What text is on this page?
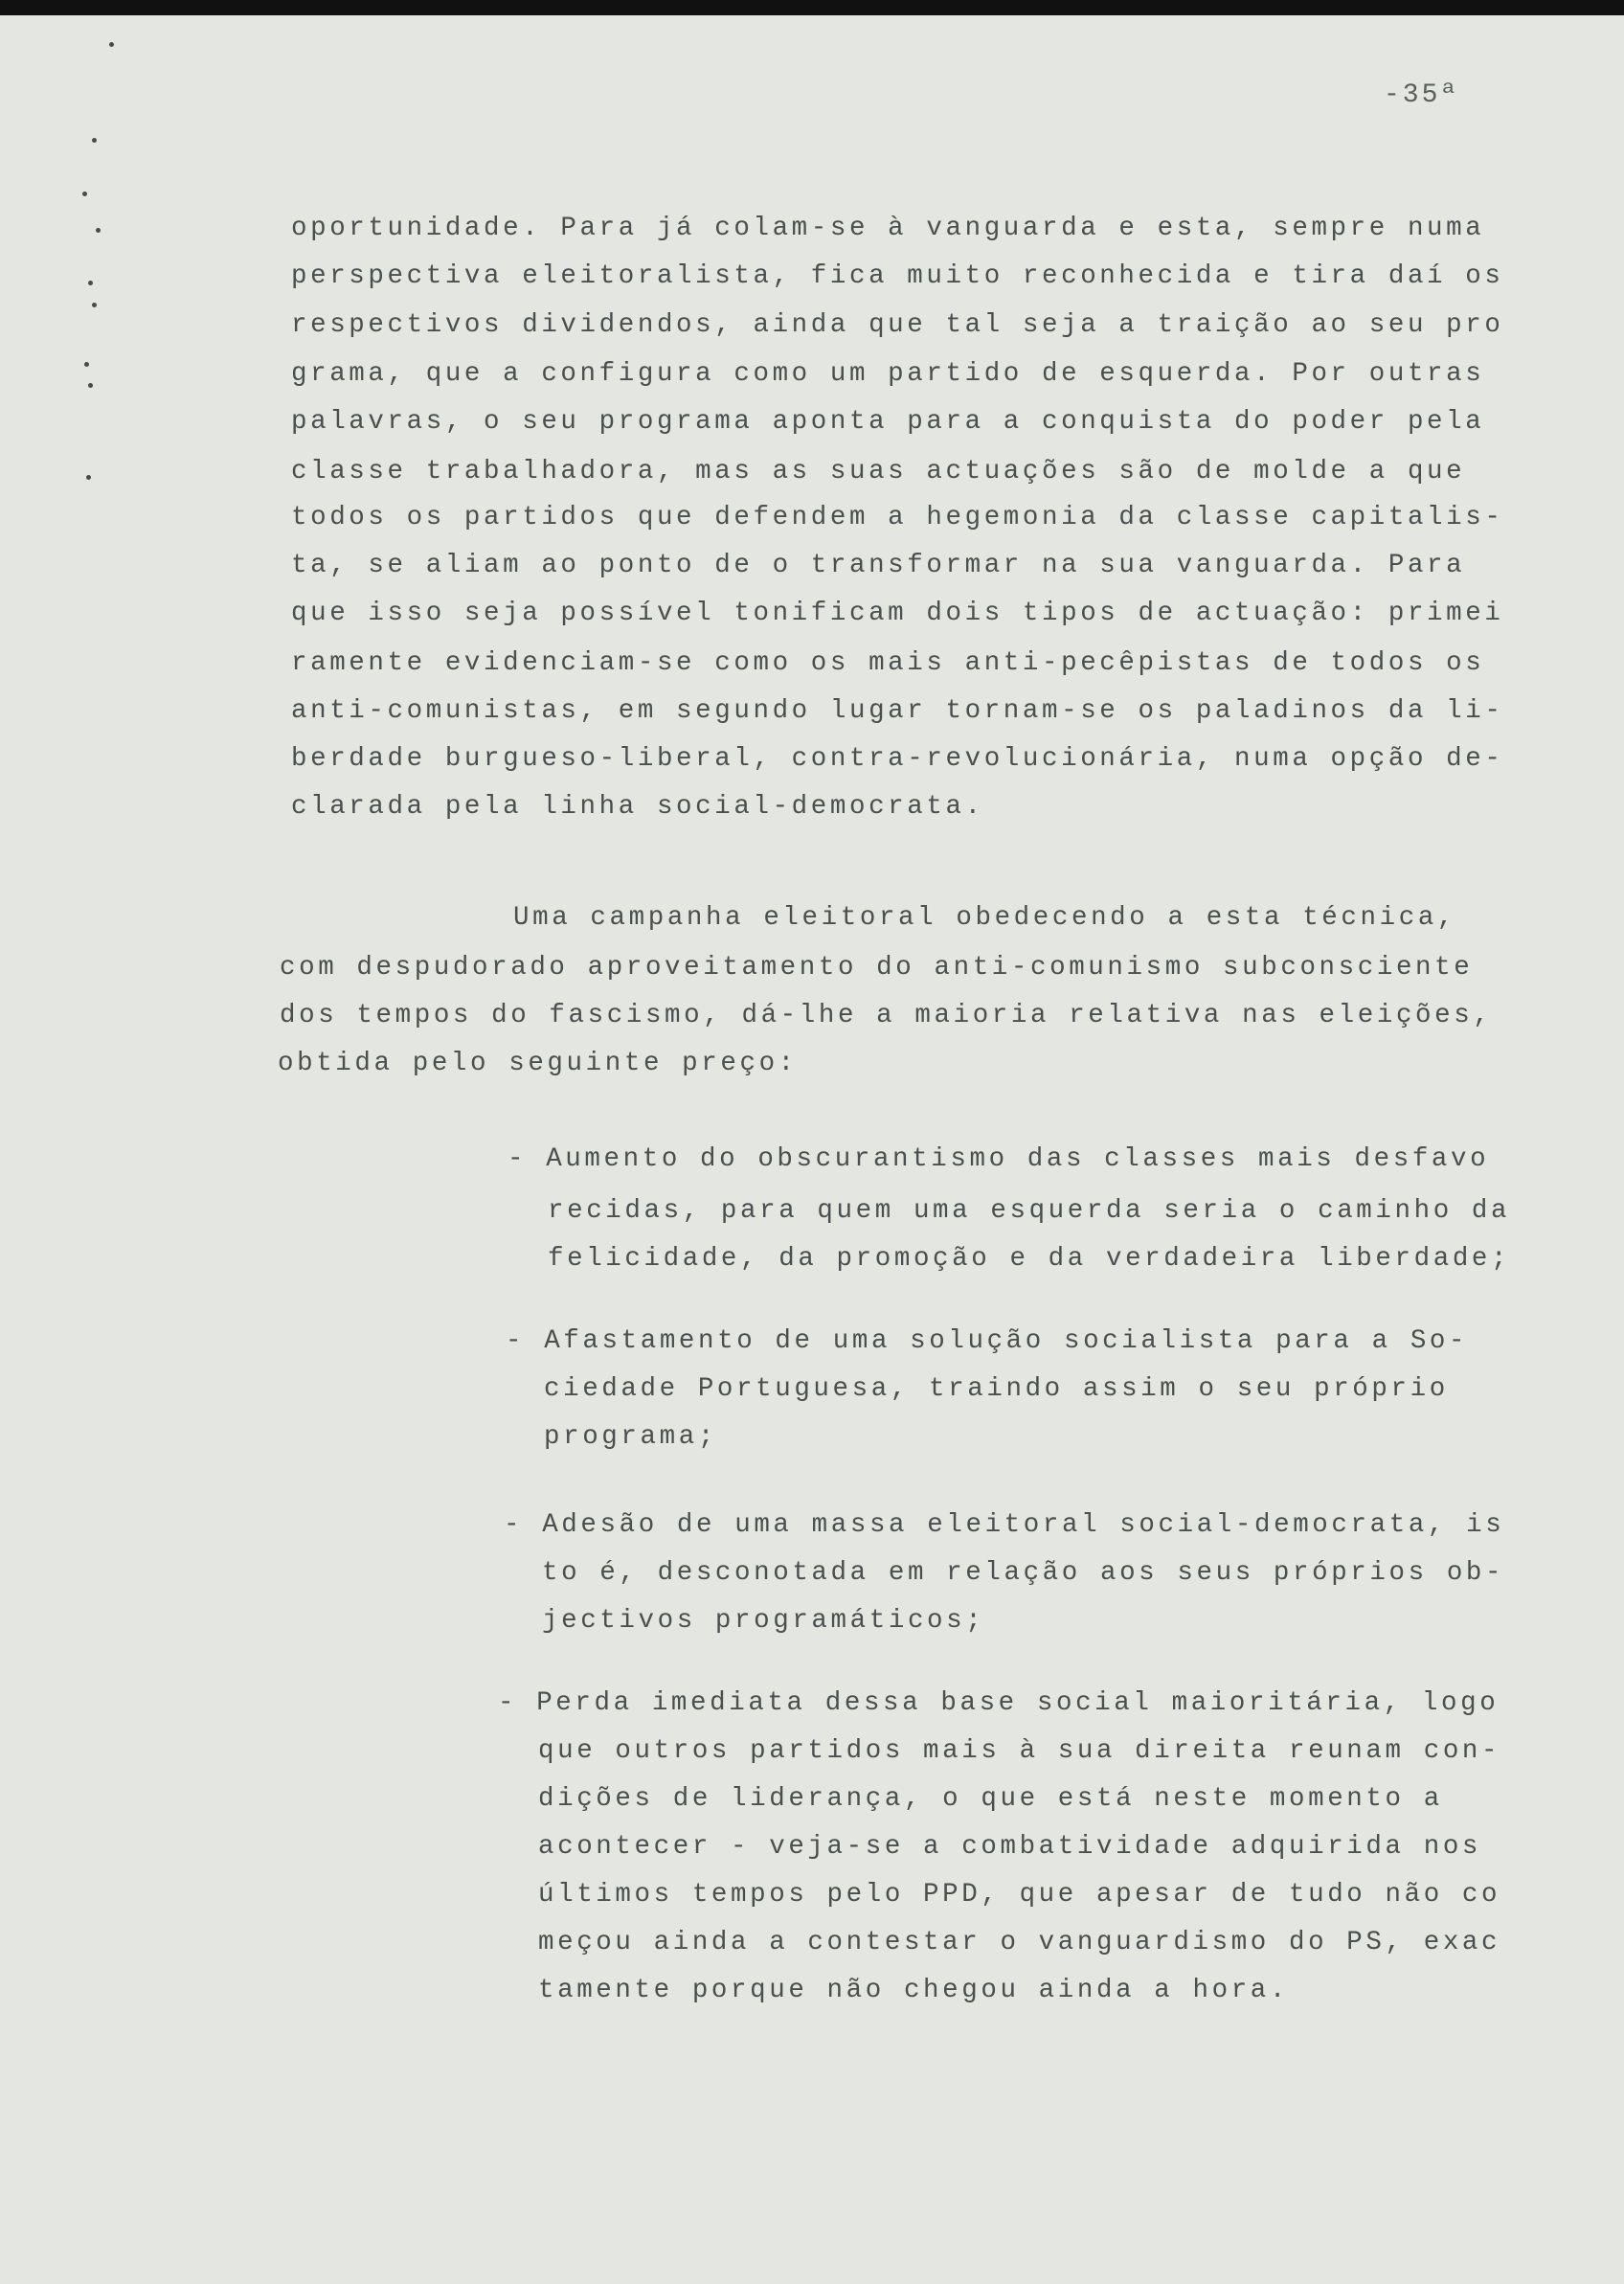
-35ª
oportunidade. Para já colam-se à vanguarda e esta, sempre numa
perspectiva eleitoralista, fica muito reconhecida e tira daí os
respectivos dividendos, ainda que tal seja a traição ao seu pro
grama, que a configura como um partido de esquerda. Por outras
palavras, o seu programa aponta para a conquista do poder pela
classe trabalhadora, mas as suas actuações são de molde a que
todos os partidos que defendem a hegemonia da classe capitalis-
ta, se aliam ao ponto de o transformar na sua vanguarda. Para
que isso seja possível tonificam dois tipos de actuação: primei
ramente evidenciam-se como os mais anti-pecêpistas de todos os
anti-comunistas, em segundo lugar tornam-se os paladinos da li-
berdade burgueso-liberal, contra-revolucionária, numa opção de-
clarada pela linha social-democrata.
Uma campanha eleitoral obedecendo a esta técnica,
com despudorado aproveitamento do anti-comunismo subconsciente
dos tempos do fascismo, dá-lhe a maioria relativa nas eleições,
obtida pelo seguinte preço:
- Aumento do obscurantismo das classes mais desfavo
recidas, para quem uma esquerda seria o caminho da
felicidade, da promoção e da verdadeira liberdade;
- Afastamento de uma solução socialista para a So-
ciedade Portuguesa, traindo assim o seu próprio
programa;
- Adesão de uma massa eleitoral social-democrata, is
to é, desconotada em relação aos seus próprios ob-
jectivos programáticos;
- Perda imediata dessa base social maioritária, logo
que outros partidos mais à sua direita reunam con-
dições de liderança, o que está neste momento a
acontecer - veja-se a combatividade adquirida nos
últimos tempos pelo PPD, que apesar de tudo não co
meçou ainda a contestar o vanguardismo do PS, exac
tamente porque não chegou ainda a hora.
